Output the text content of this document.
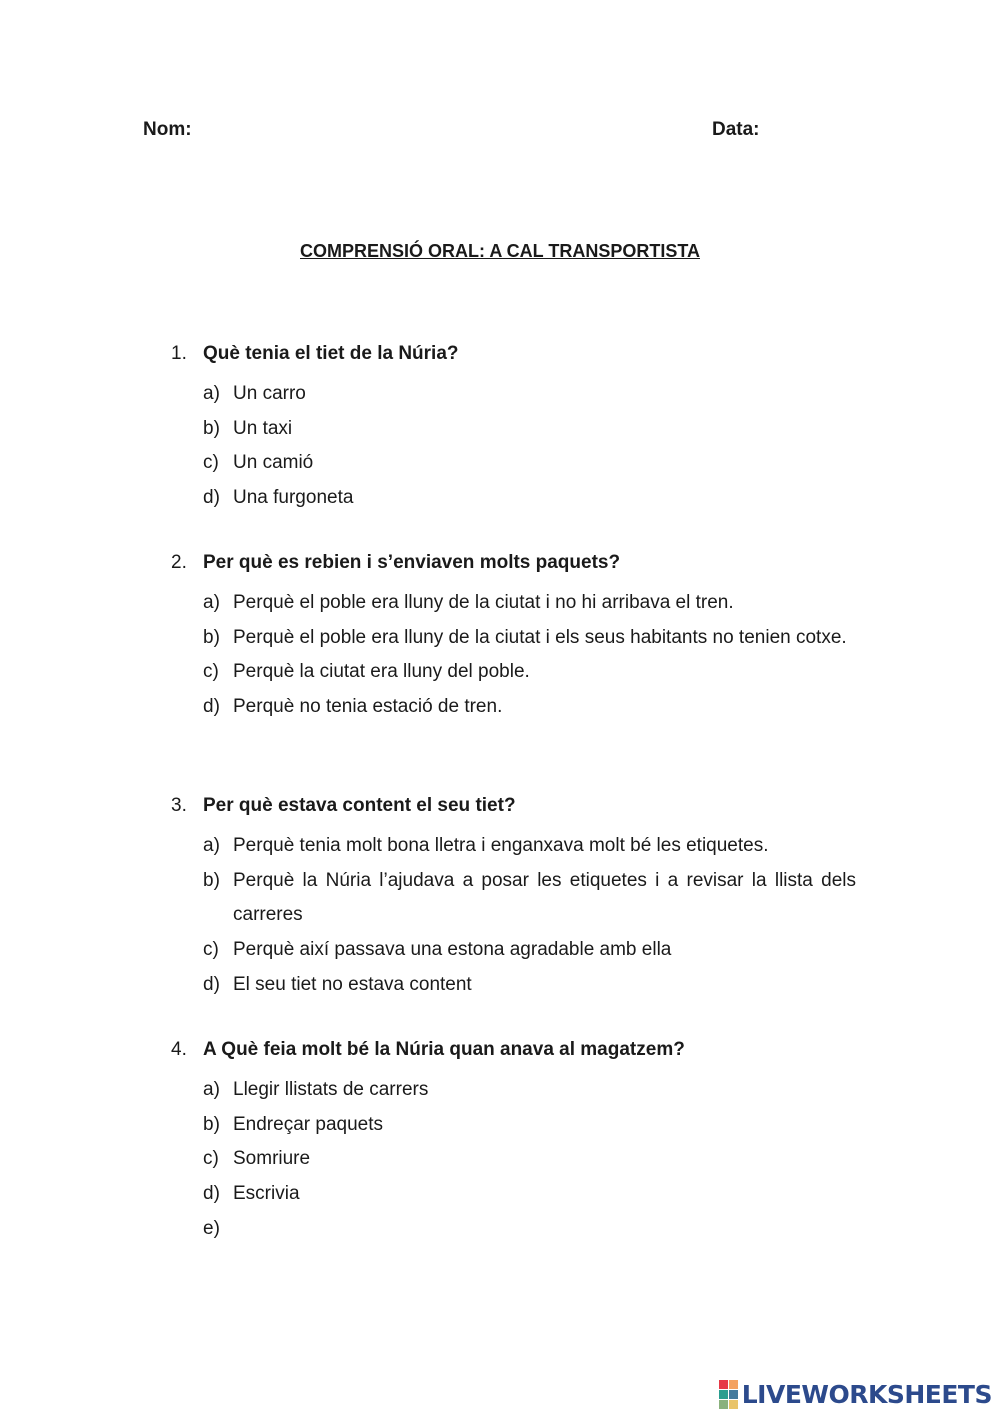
Nom:	Data:
COMPRENSIÓ ORAL: A CAL TRANSPORTISTA
1. Què tenia el tiet de la Núria?
a) Un carro
b) Un taxi
c) Un camió
d) Una furgoneta
2. Per què es rebien i s’enviaven molts paquets?
a) Perquè el poble era lluny de la ciutat i no hi arribava el tren.
b) Perquè el poble era lluny de la ciutat i els seus habitants no tenien cotxe.
c) Perquè la ciutat era lluny del poble.
d) Perquè no tenia estació de tren.
3. Per què estava content el seu tiet?
a) Perquè tenia molt bona lletra i enganxava molt bé les etiquetes.
b) Perquè la Núria l’ajudava a posar les etiquetes i a revisar la llista dels carreres
c) Perquè així passava una estona agradable amb ella
d) El seu tiet no estava content
4. A Què feia molt bé la Núria quan anava al magatzem?
a) Llegir llistats de carrers
b) Endreçar paquets
c) Somriure
d) Escrivia
e)

LIVEWORKSHEETS
